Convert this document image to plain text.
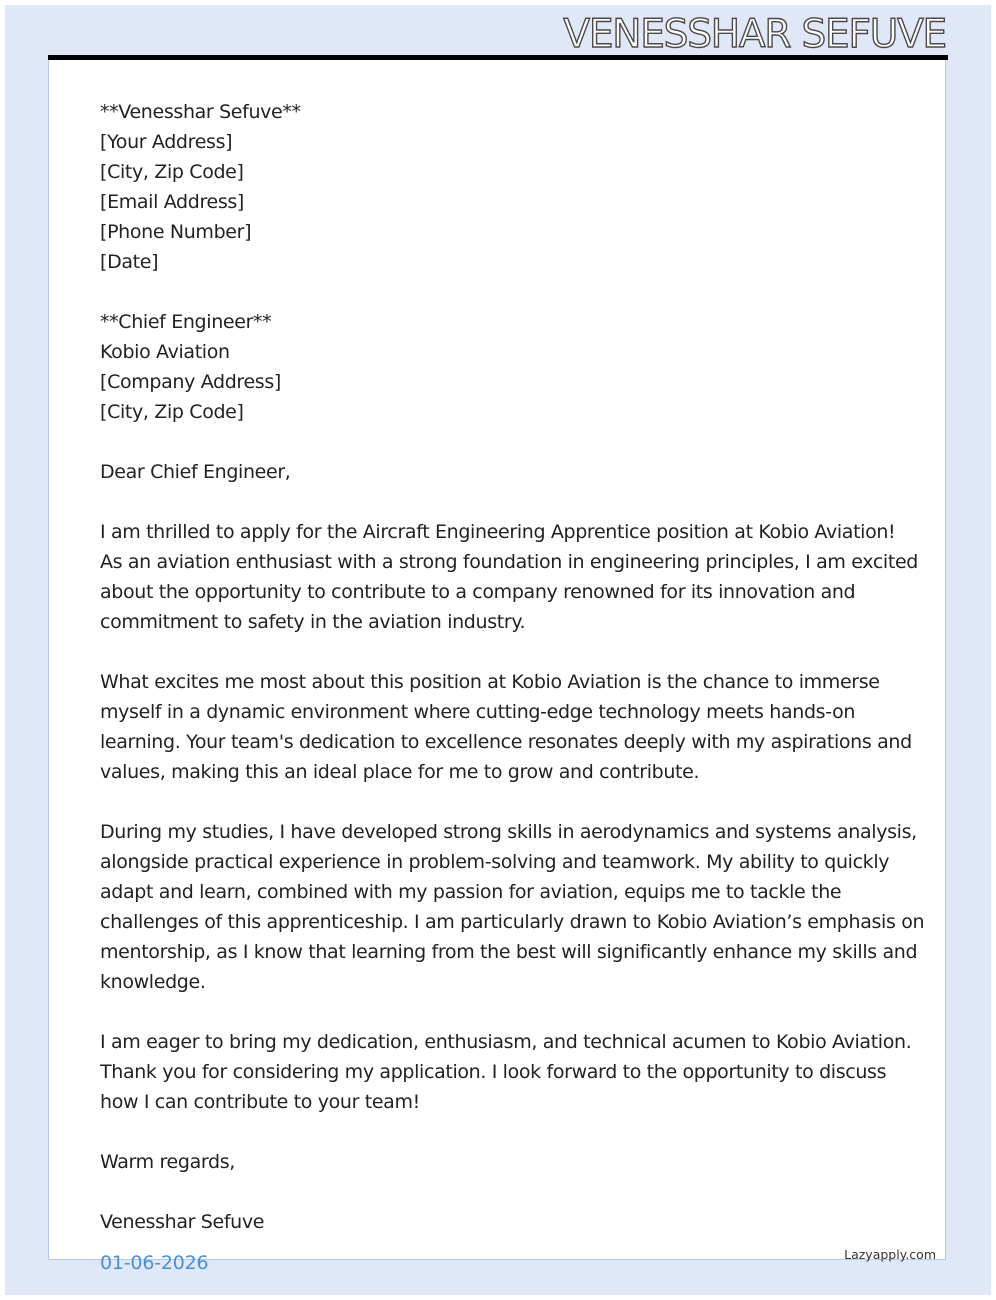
VENESSHAR SEFUVE
**Venesshar Sefuve**
[Your Address]
[City, Zip Code]
[Email Address]
[Phone Number]
[Date]
**Chief Engineer**
Kobio Aviation
[Company Address]
[City, Zip Code]
Dear Chief Engineer,
I am thrilled to apply for the Aircraft Engineering Apprentice position at Kobio Aviation!
As an aviation enthusiast with a strong foundation in engineering principles, I am excited
about the opportunity to contribute to a company renowned for its innovation and
commitment to safety in the aviation industry.
What excites me most about this position at Kobio Aviation is the chance to immerse
myself in a dynamic environment where cutting-edge technology meets hands-on
learning. Your team's dedication to excellence resonates deeply with my aspirations and
values, making this an ideal place for me to grow and contribute.
During my studies, I have developed strong skills in aerodynamics and systems analysis,
alongside practical experience in problem-solving and teamwork. My ability to quickly
adapt and learn, combined with my passion for aviation, equips me to tackle the
challenges of this apprenticeship. I am particularly drawn to Kobio Aviation’s emphasis on
mentorship, as I know that learning from the best will significantly enhance my skills and
knowledge.
I am eager to bring my dedication, enthusiasm, and technical acumen to Kobio Aviation.
Thank you for considering my application. I look forward to the opportunity to discuss
how I can contribute to your team!
Warm regards,
Venesshar Sefuve
01-06-2026	Lazyapply.com
